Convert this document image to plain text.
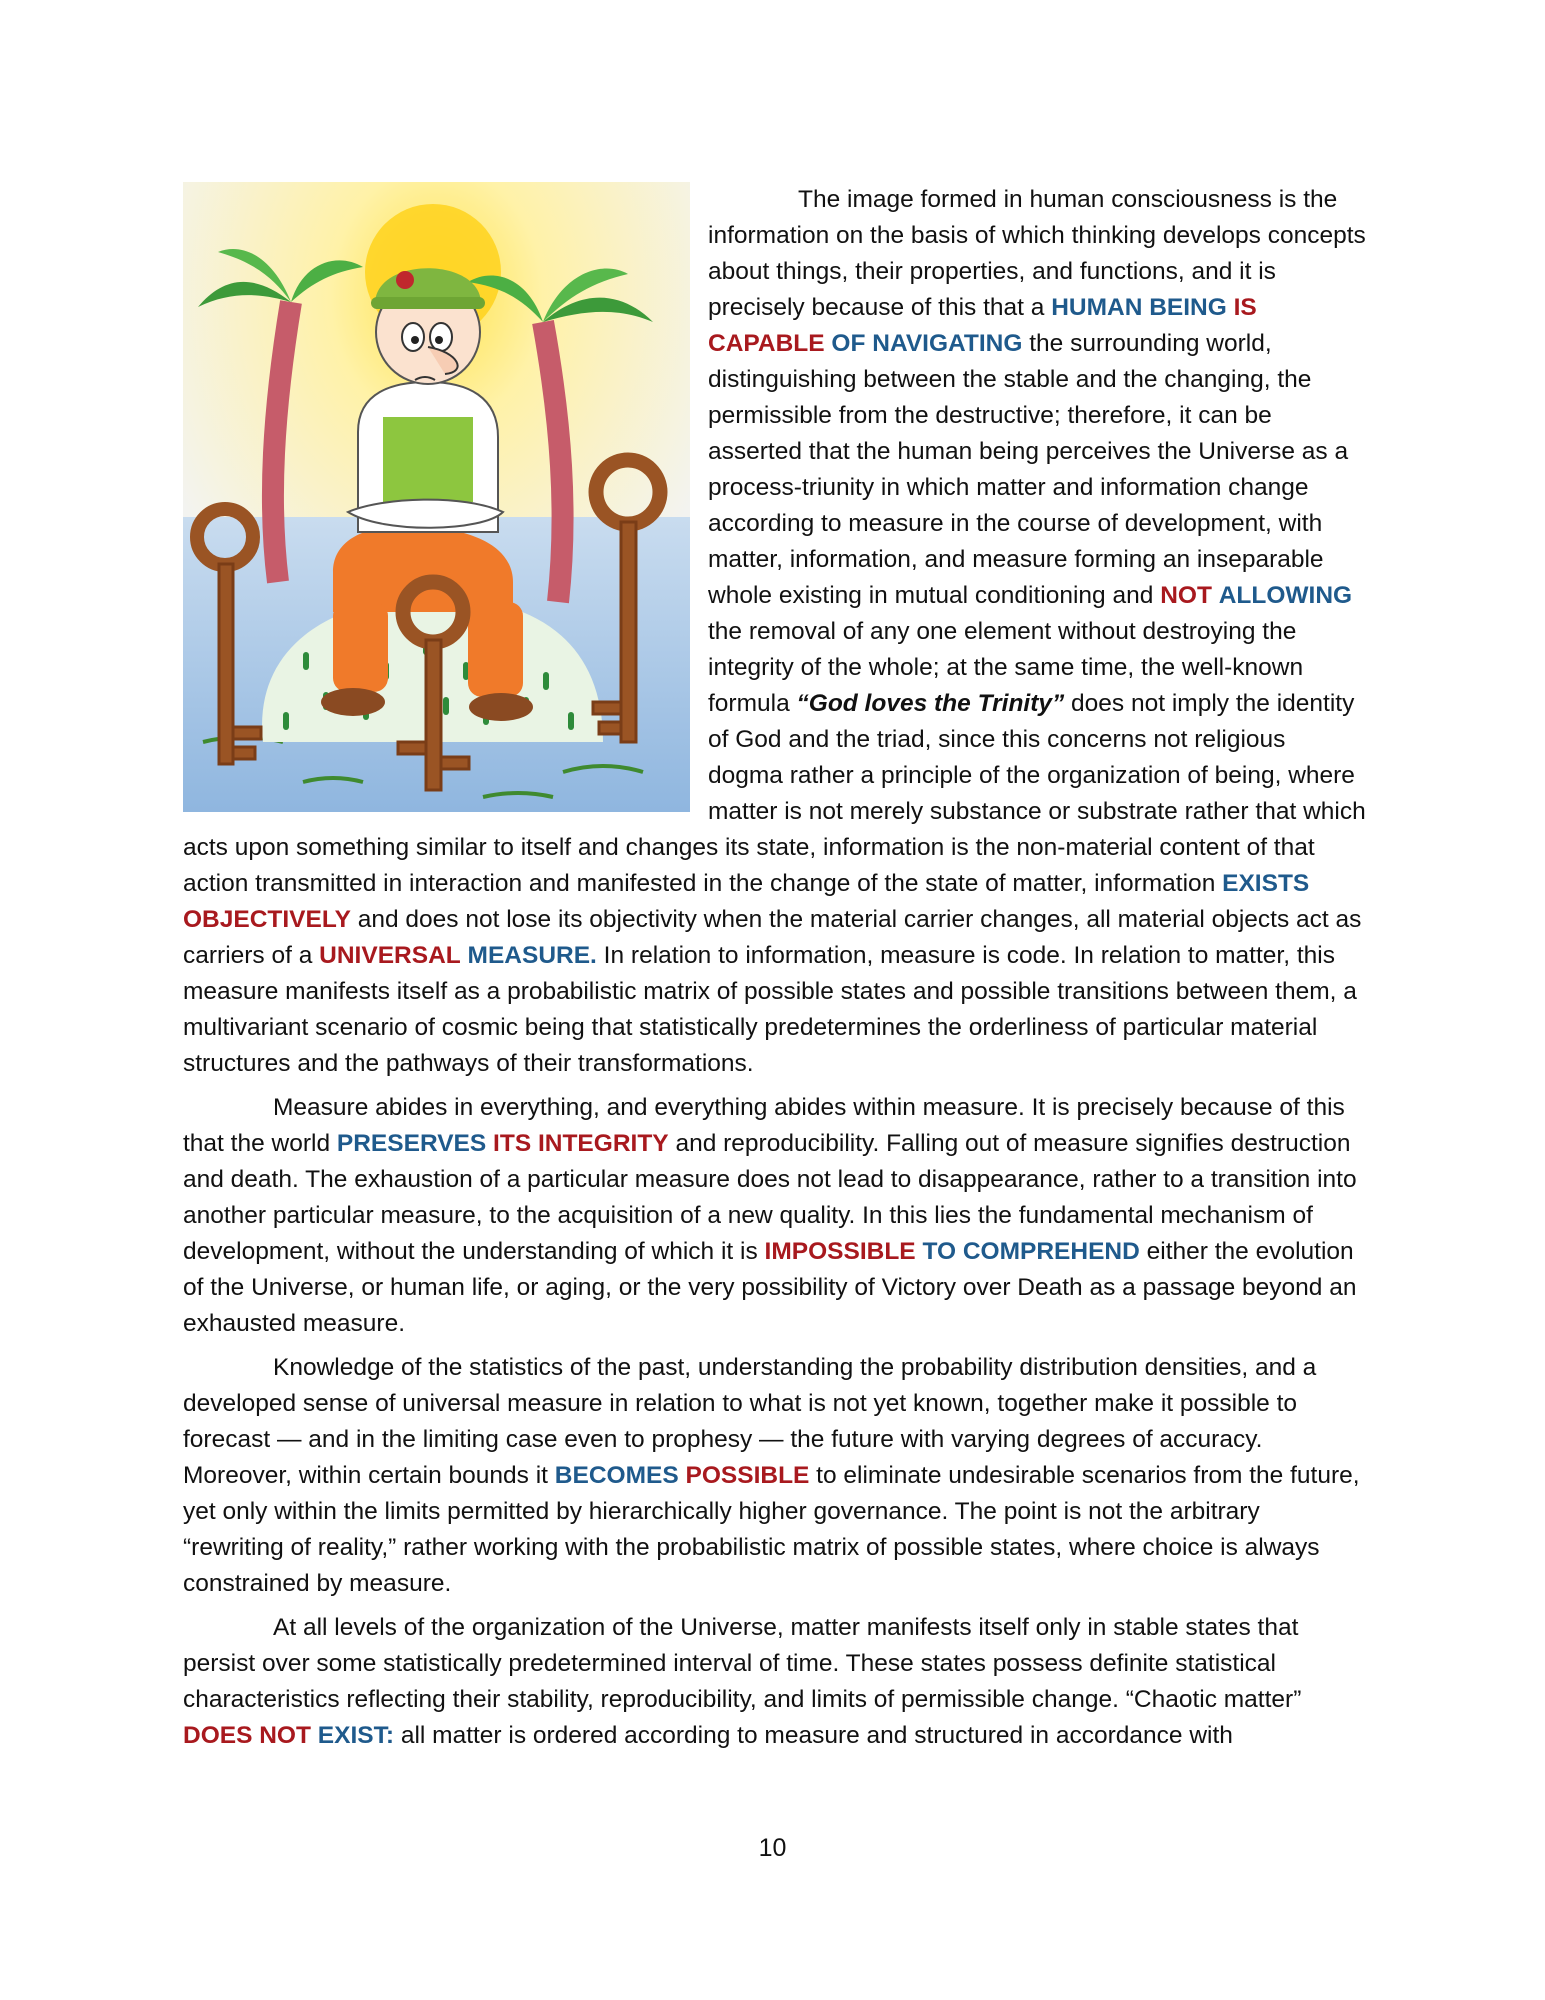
The image formed in human consciousness is the information on the basis of which thinking develops concepts about things, their properties, and functions, and it is precisely because of this that a HUMAN BEING IS CAPABLE OF NAVIGATING the surrounding world, distinguishing between the stable and the changing, the permissible from the destructive; therefore, it can be asserted that the human being perceives the Universe as a process-triunity in which matter and information change according to measure in the course of development, with matter, information, and measure forming an inseparable whole existing in mutual conditioning and NOT ALLOWING the removal of any one element without destroying the integrity of the whole; at the same time, the well-known formula “God loves the Trinity” does not imply the identity of God and the triad, since this concerns not religious dogma rather a principle of the organization of being, where matter is not merely substance or substrate rather that which acts upon something similar to itself and changes its state, information is the non-material content of that action transmitted in interaction and manifested in the change of the state of matter, information EXISTS OBJECTIVELY and does not lose its objectivity when the material carrier changes, all material objects act as carriers of a UNIVERSAL MEASURE. In relation to information, measure is code. In relation to matter, this measure manifests itself as a probabilistic matrix of possible states and possible transitions between them, a multivariant scenario of cosmic being that statistically predetermines the orderliness of particular material structures and the pathways of their transformations.

Measure abides in everything, and everything abides within measure. It is precisely because of this that the world PRESERVES ITS INTEGRITY and reproducibility. Falling out of measure signifies destruction and death. The exhaustion of a particular measure does not lead to disappearance, rather to a transition into another particular measure, to the acquisition of a new quality. In this lies the fundamental mechanism of development, without the understanding of which it is IMPOSSIBLE TO COMPREHEND either the evolution of the Universe, or human life, or aging, or the very possibility of Victory over Death as a passage beyond an exhausted measure.

Knowledge of the statistics of the past, understanding the probability distribution densities, and a developed sense of universal measure in relation to what is not yet known, together make it possible to forecast — and in the limiting case even to prophesy — the future with varying degrees of accuracy. Moreover, within certain bounds it BECOMES POSSIBLE to eliminate undesirable scenarios from the future, yet only within the limits permitted by hierarchically higher governance. The point is not the arbitrary “rewriting of reality,” rather working with the probabilistic matrix of possible states, where choice is always constrained by measure.

At all levels of the organization of the Universe, matter manifests itself only in stable states that persist over some statistically predetermined interval of time. These states possess definite statistical characteristics reflecting their stability, reproducibility, and limits of permissible change. “Chaotic matter” DOES NOT EXIST: all matter is ordered according to measure and structured in accordance with

10
